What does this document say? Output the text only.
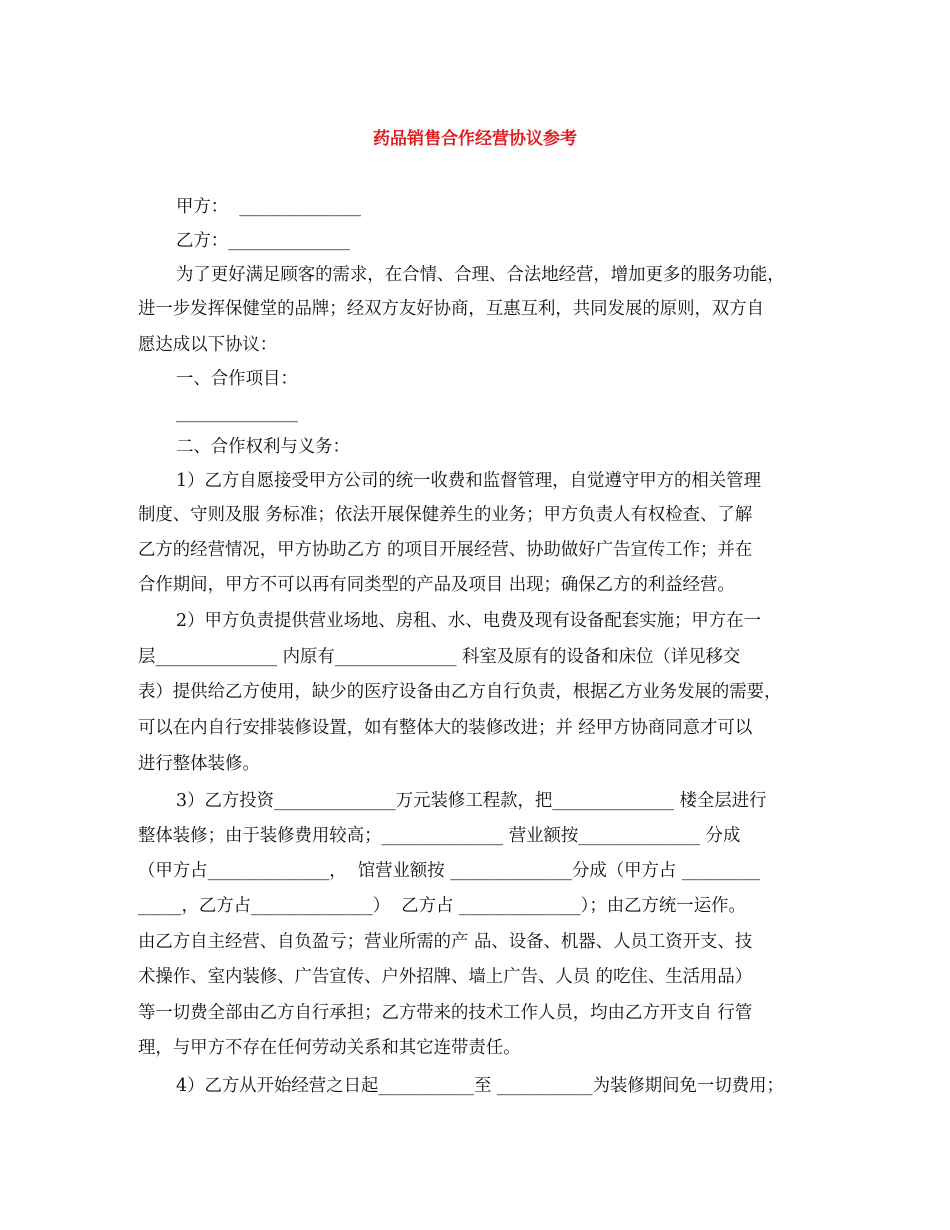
药品销售合作经营协议参考
甲方：  ______________
乙方：______________
为了更好满足顾客的需求，在合情、合理、合法地经营，增加更多的服务功能，
进一步发挥保健堂的品牌；经双方友好协商，互惠互利，共同发展的原则，双方自
愿达成以下协议：
一、合作项目：
______________
二、合作权利与义务：
1）乙方自愿接受甲方公司的统一收费和监督管理，自觉遵守甲方的相关管理
制度、守则及服 务标准；依法开展保健养生的业务；甲方负责人有权检查、了解
乙方的经营情况，甲方协助乙方 的项目开展经营、协助做好广告宣传工作；并在
合作期间，甲方不可以再有同类型的产品及项目 出现；确保乙方的利益经营。
2）甲方负责提供营业场地、房租、水、电费及现有设备配套实施；甲方在一
层______________ 内原有______________ 科室及原有的设备和床位（详见移交
表）提供给乙方使用，缺少的医疗设备由乙方自行负责，根据乙方业务发展的需要，
可以在内自行安排装修设置，如有整体大的装修改进；并 经甲方协商同意才可以
进行整体装修。
3）乙方投资______________万元装修工程款，把______________ 楼全层进行
整体装修；由于装修费用较高；______________ 营业额按______________ 分成
（甲方占______________，  馆营业额按 ______________分成（甲方占 _________
_____，乙方占______________）  乙方占 ______________）；由乙方统一运作。
由乙方自主经营、自负盈亏；营业所需的产 品、设备、机器、人员工资开支、技
术操作、室内装修、广告宣传、户外招牌、墙上广告、人员 的吃住、生活用品）
等一切费全部由乙方自行承担；乙方带来的技术工作人员，均由乙方开支自 行管
理，与甲方不存在任何劳动关系和其它连带责任。
4）乙方从开始经营之日起___________至 ___________为装修期间免一切费用；
